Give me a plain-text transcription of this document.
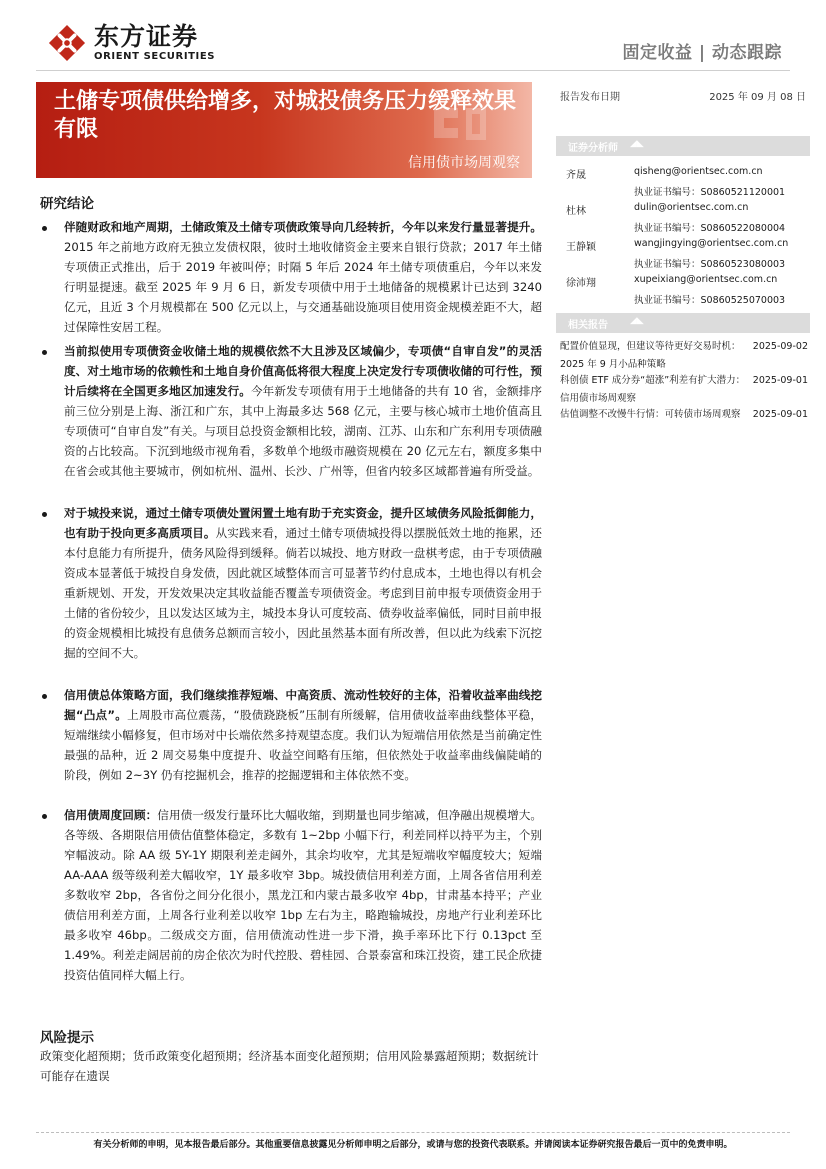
东方证券
ORIENT SECURITIES	固定收益 | 动态跟踪
土储专项债供给增多，对城投债务压力缓释效果有限
信用债市场周观察
报告发布日期	2025 年 09 月 08 日
证券分析师 ◢◣
齐晟	qisheng@orientsec.com.cn
执业证书编号：S0860521120001
杜林	dulin@orientsec.com.cn
执业证书编号：S0860522080004
王静颖	wangjingying@orientsec.com.cn
执业证书编号：S0860523080003
徐沛翔	xupeixiang@orientsec.com.cn
执业证书编号：S0860525070003
相关报告 ◢◣
配置价值显现，但建议等待更好交易时机：2025 年 9 月小品种策略
2025-09-02
科创债 ETF 成分券“超涨”利差有扩大潜力：信用债市场周观察
2025-09-01
估值调整不改慢牛行情：可转债市场周观察	2025-09-01
研究结论
伴随财政和地产周期，土储政策及土储专项债政策导向几经转折，今年以来发行量显著提升。2015 年之前地方政府无独立发债权限，彼时土地收储资金主要来自银行贷款；2017 年土储专项债正式推出，后于 2019 年被叫停；时隔 5 年后 2024 年土储专项债重启，今年以来发行明显提速。截至 2025 年 9 月 6 日，新发专项债中用于土地储备的规模累计已达到 3240 亿元，且近 3 个月规模都在 500 亿元以上，与交通基础设施项目使用资金规模差距不大，超过保障性安居工程。
当前拟使用专项债资金收储土地的规模依然不大且涉及区域偏少，专项债“自审自发”的灵活度、对土地市场的依赖性和土地自身价值高低将很大程度上决定发行专项债收储的可行性，预计后续将在全国更多地区加速发行。今年新发专项债有用于土地储备的共有 10 省，金额排序前三位分别是上海、浙江和广东，其中上海最多达 568 亿元，主要与核心城市土地价值高且专项债可“自审自发”有关。与项目总投资金额相比较，湖南、江苏、山东和广东利用专项债融资的占比较高。下沉到地级市视角看，多数单个地级市融资规模在 20 亿元左右，额度多集中在省会或其他主要城市，例如杭州、温州、长沙、广州等，但省内较多区域都普遍有所受益。
对于城投来说，通过土储专项债处置闲置土地有助于充实资金，提升区域债务风险抵御能力，也有助于投向更多高质项目。从实践来看，通过土储专项债城投得以摆脱低效土地的拖累，还本付息能力有所提升，债务风险得到缓释。倘若以城投、地方财政一盘棋考虑，由于专项债融资成本显著低于城投自身发债，因此就区域整体而言可显著节约付息成本，土地也得以有机会重新规划、开发，开发效果决定其收益能否覆盖专项债资金。考虑到目前申报专项债资金用于土储的省份较少，且以发达区域为主，城投本身认可度较高、债券收益率偏低，同时目前申报的资金规模相比城投有息债务总额而言较小，因此虽然基本面有所改善，但以此为线索下沉挖掘的空间不大。
信用债总体策略方面，我们继续推荐短端、中高资质、流动性较好的主体，沿着收益率曲线挖掘“凸点”。上周股市高位震荡，“股债跷跷板”压制有所缓解，信用债收益率曲线整体平稳，短端继续小幅修复，但市场对中长端依然多持观望态度。我们认为短端信用依然是当前确定性最强的品种，近 2 周交易集中度提升、收益空间略有压缩，但依然处于收益率曲线偏陡峭的阶段，例如 2~3Y 仍有挖掘机会，推荐的挖掘逻辑和主体依然不变。
信用债周度回顾：信用债一级发行量环比大幅收缩，到期量也同步缩减，但净融出规模增大。各等级、各期限信用债估值整体稳定，多数有 1~2bp 小幅下行，利差同样以持平为主，个别窄幅波动。除 AA 级 5Y-1Y 期限利差走阔外，其余均收窄，尤其是短端收窄幅度较大；短端 AA-AAA 级等级利差大幅收窄，1Y 最多收窄 3bp。城投债信用利差方面，上周各省信用利差多数收窄 2bp，各省份之间分化很小，黑龙江和内蒙古最多收窄 4bp，甘肃基本持平；产业债信用利差方面，上周各行业利差以收窄 1bp 左右为主，略跑输城投，房地产行业利差环比最多收窄 46bp。二级成交方面，信用债流动性进一步下滑，换手率环比下行 0.13pct 至 1.49%。利差走阔居前的房企依次为时代控股、碧桂园、合景泰富和珠江投资，建工民企欣捷投资估值同样大幅上行。
风险提示
政策变化超预期；货币政策变化超预期；经济基本面变化超预期；信用风险暴露超预期；数据统计可能存在遗误
有关分析师的申明，见本报告最后部分。其他重要信息披露见分析师申明之后部分，或请与您的投资代表联系。并请阅读本证券研究报告最后一页中的免责申明。
